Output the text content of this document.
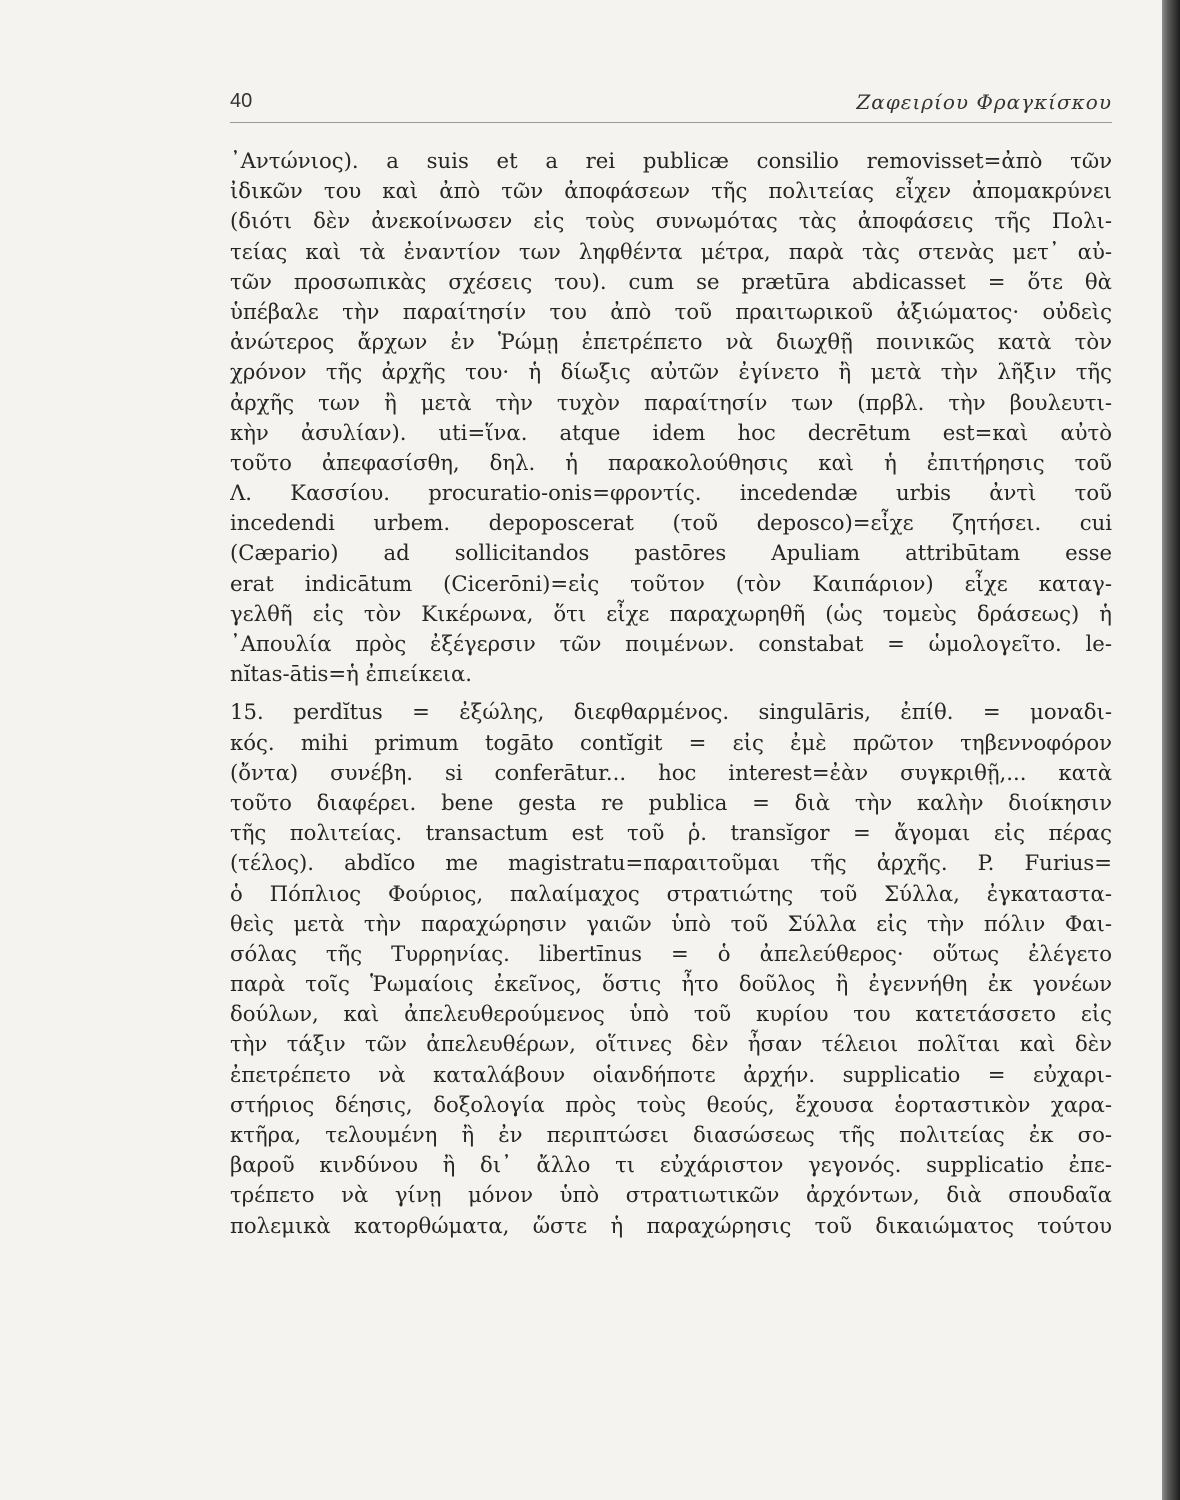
40	Ζαφειρίου Φραγκίσκου
᾿Αντώνιος). a suis et a rei publicæ consilio removisset=ἀπὸ τῶν
ἰδικῶν του καὶ ἀπὸ τῶν ἀποφάσεων τῆς πολιτείας εἶχεν ἀπομακρύνει
(διότι δὲν ἀνεκοίνωσεν εἰς τοὺς συνωμότας τὰς ἀποφάσεις τῆς Πολι-
τείας καὶ τὰ ἐναντίον των ληφθέντα μέτρα, παρὰ τὰς στενὰς μετ᾿ αὐ-
τῶν προσωπικὰς σχέσεις του). cum se prætūra abdicasset = ὅτε θὰ
ὑπέβαλε τὴν παραίτησίν του ἀπὸ τοῦ πραιτωρικοῦ ἀξιώματος· οὐδεὶς
ἀνώτερος ἄρχων ἐν Ῥώμῃ ἐπετρέπετο νὰ διωχθῇ ποινικῶς κατὰ τὸν
χρόνον τῆς ἀρχῆς του· ἡ δίωξις αὐτῶν ἐγίνετο ἢ μετὰ τὴν λῆξιν τῆς
ἀρχῆς των ἢ μετὰ τὴν τυχὸν παραίτησίν των (πρβλ. τὴν βουλευτι-
κὴν ἀσυλίαν). uti=ἵνα. atque idem hoc decrētum est=καὶ αὐτὸ
τοῦτο ἀπεφασίσθη, δηλ. ἡ παρακολούθησις καὶ ἡ ἐπιτήρησις τοῦ
Λ. Κασσίου. procuratio-onis=φροντίς. incedendæ urbis ἀντὶ τοῦ
incedendi urbem. depoposcerat (τοῦ deposco)=εἶχε ζητήσει. cui
(Cæpario) ad sollicitandos pastōres Apuliam attribūtam esse
erat indicātum (Cicerōni)=εἰς τοῦτον (τὸν Καιπάριον) εἶχε καταγ-
γελθῆ εἰς τὸν Κικέρωνα, ὅτι εἶχε παραχωρηθῆ (ὡς τομεὺς δράσεως) ἡ
᾿Απουλία πρὸς ἐξέγερσιν τῶν ποιμένων. constabat = ὡμολογεῖτο. le-
nĭtas-ātis=ἡ ἐπιείκεια.
15. perdĭtus = ἐξώλης, διεφθαρμένος. singulāris, ἐπίθ. = μοναδι-
κός. mihi primum togāto contĭgit = εἰς ἐμὲ πρῶτον τηβεννοφόρον
(ὄντα) συνέβη. si conferātur... hoc interest=ἐὰν συγκριθῇ,... κατὰ
τοῦτο διαφέρει. bene gesta re publica = διὰ τὴν καλὴν διοίκησιν
τῆς πολιτείας. transactum est τοῦ ῥ. transĭgor = ἄγομαι εἰς πέρας
(τέλος). abdĭco me magistratu=παραιτοῦμαι τῆς ἀρχῆς. P. Furius=
ὁ Πόπλιος Φούριος, παλαίμαχος στρατιώτης τοῦ Σύλλα, ἐγκαταστα-
θεὶς μετὰ τὴν παραχώρησιν γαιῶν ὑπὸ τοῦ Σύλλα εἰς τὴν πόλιν Φαι-
σόλας τῆς Τυρρηνίας. libertīnus = ὁ ἀπελεύθερος· οὕτως ἐλέγετο
παρὰ τοῖς Ῥωμαίοις ἐκεῖνος, ὅστις ἦτο δοῦλος ἢ ἐγεννήθη ἐκ γονέων
δούλων, καὶ ἀπελευθερούμενος ὑπὸ τοῦ κυρίου του κατετάσσετο εἰς
τὴν τάξιν τῶν ἀπελευθέρων, οἵτινες δὲν ἦσαν τέλειοι πολῖται καὶ δὲν
ἐπετρέπετο νὰ καταλάβουν οἱανδήποτε ἀρχήν. supplicatio = εὐχαρι-
στήριος δέησις, δοξολογία πρὸς τοὺς θεούς, ἔχουσα ἑορταστικὸν χαρα-
κτῆρα, τελουμένη ἢ ἐν περιπτώσει διασώσεως τῆς πολιτείας ἐκ σο-
βαροῦ κινδύνου ἢ δι᾿ ἄλλο τι εὐχάριστον γεγονός. supplicatio ἐπε-
τρέπετο νὰ γίνῃ μόνον ὑπὸ στρατιωτικῶν ἀρχόντων, διὰ σπουδαῖα
πολεμικὰ κατορθώματα, ὥστε ἡ παραχώρησις τοῦ δικαιώματος τούτου
